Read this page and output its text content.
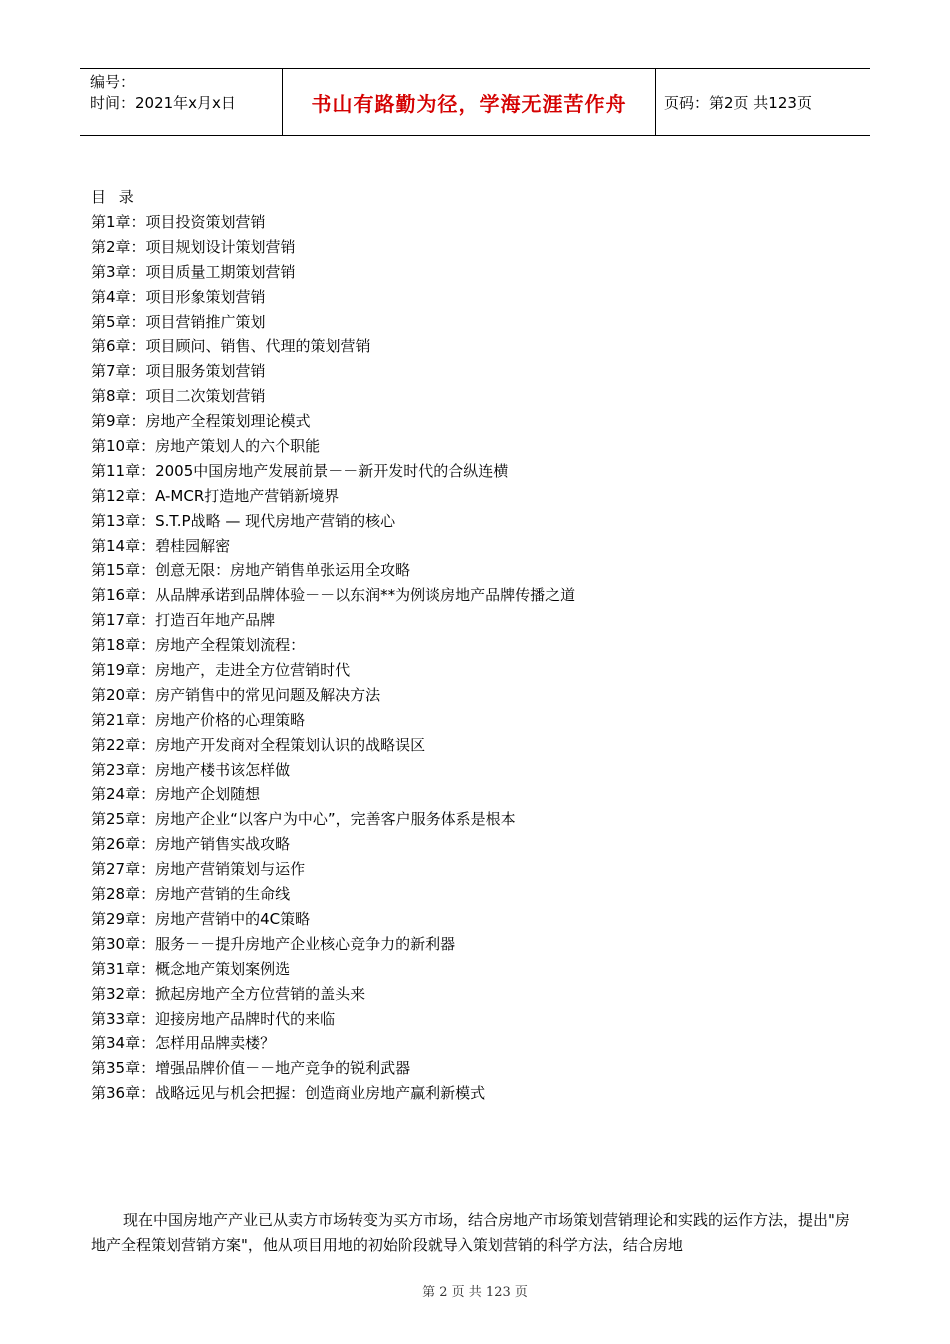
编号：
时间：2021年x月x日	书山有路勤为径，学海无涯苦作舟	页码：第2页 共123页
目 录
第1章：项目投资策划营销
第2章：项目规划设计策划营销
第3章：项目质量工期策划营销
第4章：项目形象策划营销
第5章：项目营销推广策划
第6章：项目顾问、销售、代理的策划营销
第7章：项目服务策划营销
第8章：项目二次策划营销
第9章：房地产全程策划理论模式
第10章：房地产策划人的六个职能
第11章：2005中国房地产发展前景－－新开发时代的合纵连横
第12章：A-MCR打造地产营销新境界
第13章：S.T.P战略 — 现代房地产营销的核心
第14章：碧桂园解密
第15章：创意无限：房地产销售单张运用全攻略
第16章：从品牌承诺到品牌体验－－以东润**为例谈房地产品牌传播之道
第17章：打造百年地产品牌
第18章：房地产全程策划流程：
第19章：房地产，走进全方位营销时代
第20章：房产销售中的常见问题及解决方法
第21章：房地产价格的心理策略
第22章：房地产开发商对全程策划认识的战略误区
第23章：房地产楼书该怎样做
第24章：房地产企划随想
第25章：房地产企业“以客户为中心”，完善客户服务体系是根本
第26章：房地产销售实战攻略
第27章：房地产营销策划与运作
第28章：房地产营销的生命线
第29章：房地产营销中的4C策略
第30章：服务－－提升房地产企业核心竞争力的新利器
第31章：概念地产策划案例选
第32章：掀起房地产全方位营销的盖头来
第33章：迎接房地产品牌时代的来临
第34章：怎样用品牌卖楼？
第35章：增强品牌价值－－地产竞争的锐利武器
第36章：战略远见与机会把握：创造商业房地产赢利新模式
现在中国房地产产业已从卖方市场转变为买方市场，结合房地产市场策划营销理论和实践的运作方法，提出"房地产全程策划营销方案"，他从项目用地的初始阶段就导入策划营销的科学方法，结合房地
第 2 页 共 123 页
